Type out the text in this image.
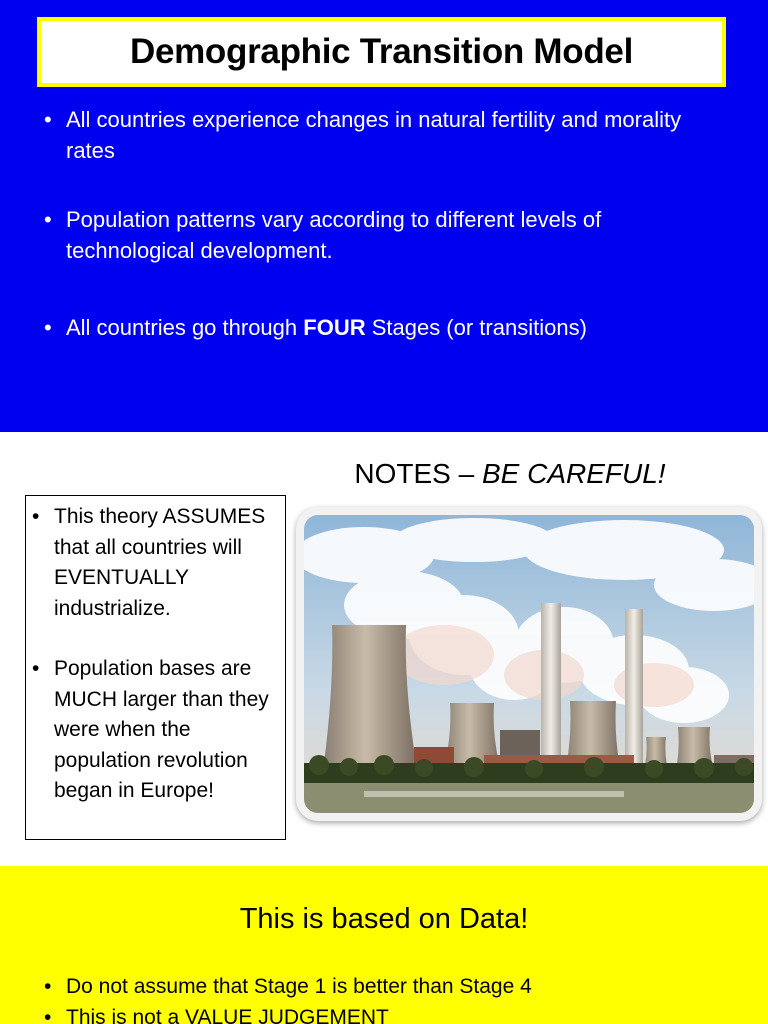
Demographic Transition Model
• All countries experience changes in natural fertility and morality rates
• Population patterns vary according to different levels of technological development.
• All countries go through FOUR Stages (or transitions)
NOTES – BE CAREFUL!
• This theory ASSUMES that all countries will EVENTUALLY industrialize.
• Population bases are MUCH larger than they were when the population revolution began in Europe!
This is based on Data!
• Do not assume that Stage 1 is better than Stage 4
• This is not a VALUE JUDGEMENT
